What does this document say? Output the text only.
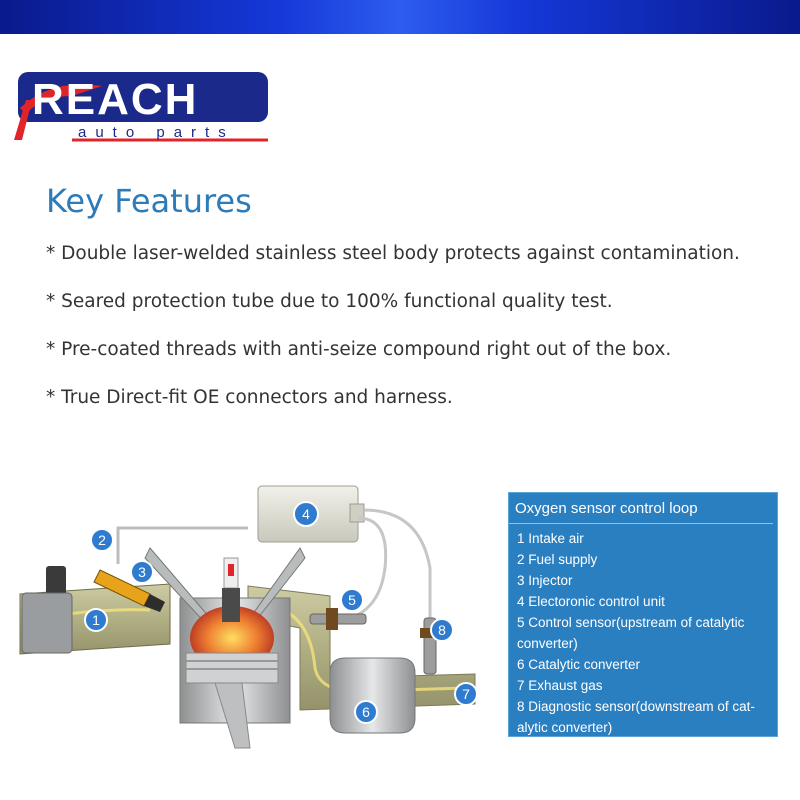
REACH
auto parts
Key Features
* Double laser-welded stainless steel body protects against contamination.
* Seared protection tube due to 100% functional quality test.
* Pre-coated threads with anti-seize compound right out of the box.
* True Direct-fit OE connectors and harness.
1
2
3
4
5
6
7
8
Oxygen sensor control loop
1 Intake air
2 Fuel supply
3 Injector
4 Electoronic control unit
5 Control sensor(upstream of catalytic
converter)
6 Catalytic converter
7 Exhaust gas
8 Diagnostic sensor(downstream of cat-
alytic converter)
